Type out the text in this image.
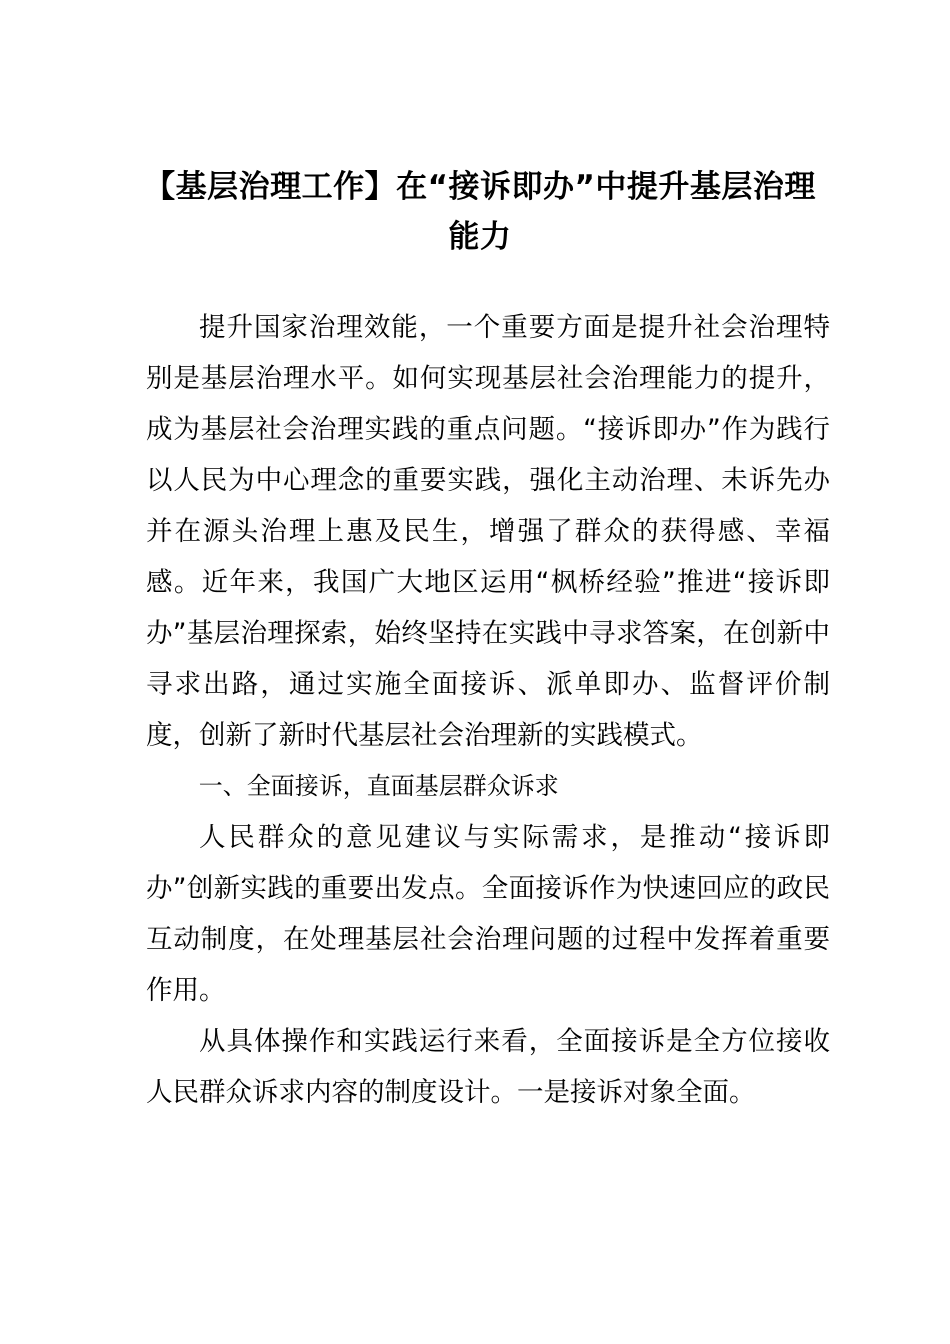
【基层治理工作】在“接诉即办”中提升基层治理能力

提升国家治理效能，一个重要方面是提升社会治理特别是基层治理水平。如何实现基层社会治理能力的提升，成为基层社会治理实践的重点问题。“接诉即办”作为践行以人民为中心理念的重要实践，强化主动治理、未诉先办并在源头治理上惠及民生，增强了群众的获得感、幸福感。近年来，我国广大地区运用“枫桥经验”推进“接诉即办”基层治理探索，始终坚持在实践中寻求答案，在创新中寻求出路，通过实施全面接诉、派单即办、监督评价制度，创新了新时代基层社会治理新的实践模式。

一、全面接诉，直面基层群众诉求

人民群众的意见建议与实际需求，是推动“接诉即办”创新实践的重要出发点。全面接诉作为快速回应的政民互动制度，在处理基层社会治理问题的过程中发挥着重要作用。

从具体操作和实践运行来看，全面接诉是全方位接收人民群众诉求内容的制度设计。一是接诉对象全面。
